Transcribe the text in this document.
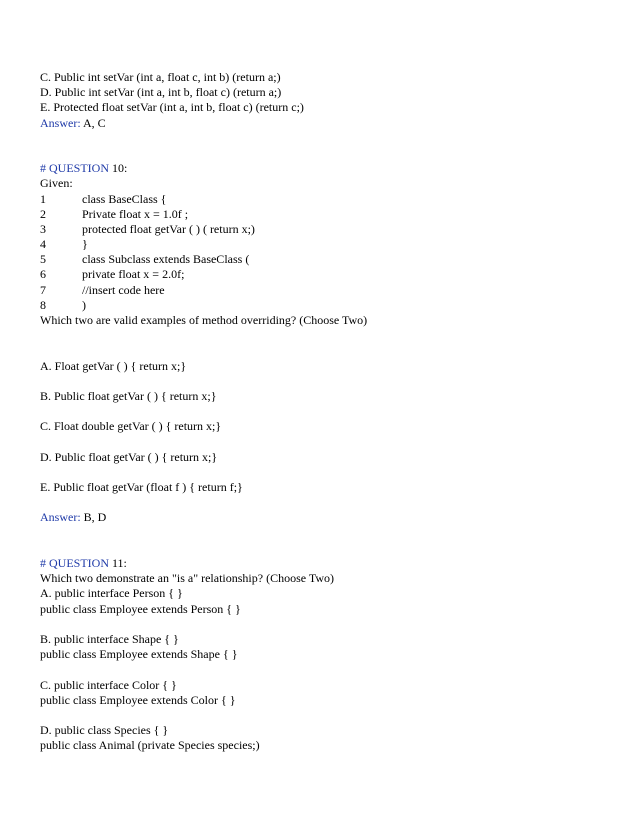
C. Public int setVar (int a, float c, int b) (return a;)
D. Public int setVar (int a, int b, float c) (return a;)
E. Protected float setVar (int a, int b, float c) (return c;)
Answer: A, C
# QUESTION 10:
Given:
1	class BaseClass {
2	Private float x = 1.0f ;
3	protected float getVar ( ) ( return x;)
4	}
5	class Subclass extends BaseClass (
6	private float x = 2.0f;
7	//insert code here
8	)
Which two are valid examples of method overriding? (Choose Two)
A. Float getVar ( ) { return x;}
B. Public float getVar ( ) { return x;}
C. Float double getVar ( ) { return x;}
D. Public float getVar ( ) { return x;}
E. Public float getVar (float f ) { return f;}
Answer: B, D
# QUESTION 11:
Which two demonstrate an "is a" relationship? (Choose Two)
A. public interface Person { }
public class Employee extends Person { }
B. public interface Shape { }
public class Employee extends Shape { }
C. public interface Color { }
public class Employee extends Color { }
D. public class Species { }
public class Animal (private Species species;)
